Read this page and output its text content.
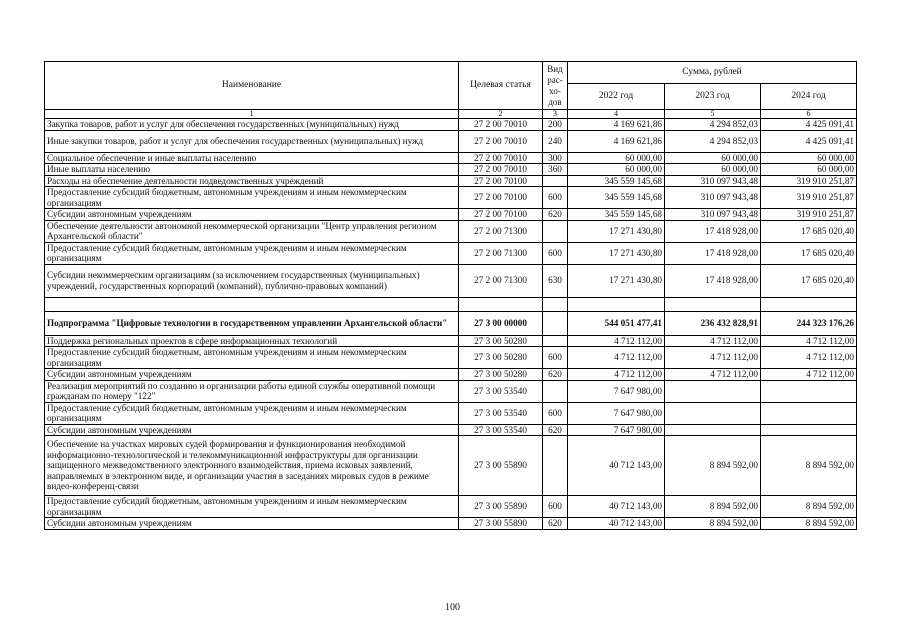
Наименование	Целевая статья	Вид рас- хо- дов	Сумма, рублей		
			2022 год	2023 год	2024 год
1	2	3	4	5	6
Закупка товаров, работ и услуг для обеспечения государственных (муниципальных) нужд	27 2 00 70010	200	4 169 621,86	4 294 852,03	4 425 091,41
Иные закупки товаров, работ и услуг для обеспечения государственных (муниципальных) нужд	27 2 00 70010	240	4 169 621,86	4 294 852,03	4 425 091,41
Социальное обеспечение и иные выплаты населению	27 2 00 70010	300	60 000,00	60 000,00	60 000,00
Иные выплаты населению	27 2 00 70010	360	60 000,00	60 000,00	60 000,00
Расходы на обеспечение деятельности подведомственных учреждений	27 2 00 70100		345 559 145,68	310 097 943,48	319 910 251,87
Предоставление субсидий бюджетным, автономным учреждениям и иным некоммерческим организациям	27 2 00 70100	600	345 559 145,68	310 097 943,48	319 910 251,87
Субсидии автономным учреждениям	27 2 00 70100	620	345 559 145,68	310 097 943,48	319 910 251,87
Обеспечение деятельности автономной некоммерческой организации "Центр управления регионом Архангельской области"	27 2 00 71300		17 271 430,80	17 418 928,00	17 685 020,40
Предоставление субсидий бюджетным, автономным учреждениям и иным некоммерческим организациям	27 2 00 71300	600	17 271 430,80	17 418 928,00	17 685 020,40
Субсидии некоммерческим организациям (за исключением государственных (муниципальных) учреждений, государственных корпораций (компаний), публично-правовых компаний)	27 2 00 71300	630	17 271 430,80	17 418 928,00	17 685 020,40

Подпрограмма "Цифровые технологии в государственном управлении Архангельской области"	27 3 00 00000		544 051 477,41	236 432 828,91	244 323 176,26
Поддержка региональных проектов в сфере информационных технологий	27 3 00 50280		4 712 112,00	4 712 112,00	4 712 112,00
Предоставление субсидий бюджетным, автономным учреждениям и иным некоммерческим организациям	27 3 00 50280	600	4 712 112,00	4 712 112,00	4 712 112,00
Субсидии автономным учреждениям	27 3 00 50280	620	4 712 112,00	4 712 112,00	4 712 112,00
Реализация мероприятий по созданию и организации работы единой службы оперативной помощи гражданам по номеру "122"	27 3 00 53540		7 647 980,00		
Предоставление субсидий бюджетным, автономным учреждениям и иным некоммерческим организациям	27 3 00 53540	600	7 647 980,00		
Субсидии автономным учреждениям	27 3 00 53540	620	7 647 980,00		
Обеспечение на участках мировых судей формирования и функционирования необходимой информационно-технологической и телекоммуникационной инфраструктуры для организации защищенного межведомственного электронного взаимодействия, приема исковых заявлений, направляемых в электронном виде, и организации участия в заседаниях мировых судов в режиме видео-конференц-связи	27 3 00 55890		40 712 143,00	8 894 592,00	8 894 592,00
Предоставление субсидий бюджетным, автономным учреждениям и иным некоммерческим организациям	27 3 00 55890	600	40 712 143,00	8 894 592,00	8 894 592,00
Субсидии автономным учреждениям	27 3 00 55890	620	40 712 143,00	8 894 592,00	8 894 592,00
100
